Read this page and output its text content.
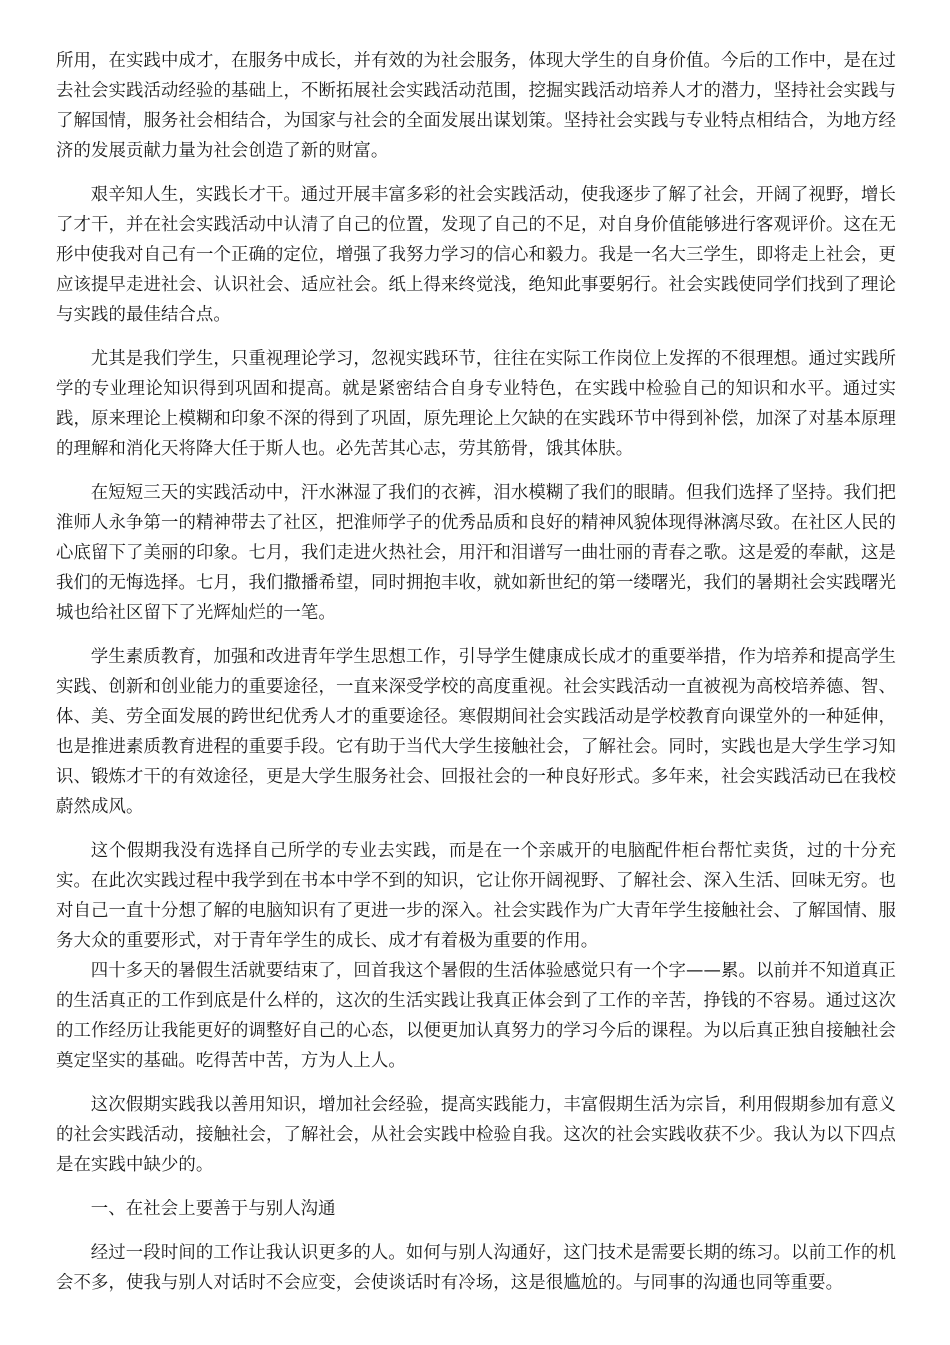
所用，在实践中成才，在服务中成长，并有效的为社会服务，体现大学生的自身价值。今后的工作中，是在过去社会实践活动经验的基础上，不断拓展社会实践活动范围，挖掘实践活动培养人才的潜力，坚持社会实践与了解国情，服务社会相结合，为国家与社会的全面发展出谋划策。坚持社会实践与专业特点相结合，为地方经济的发展贡献力量为社会创造了新的财富。

艰辛知人生，实践长才干。通过开展丰富多彩的社会实践活动，使我逐步了解了社会，开阔了视野，增长了才干，并在社会实践活动中认清了自己的位置，发现了自己的不足，对自身价值能够进行客观评价。这在无形中使我对自己有一个正确的定位，增强了我努力学习的信心和毅力。我是一名大三学生，即将走上社会，更应该提早走进社会、认识社会、适应社会。纸上得来终觉浅，绝知此事要躬行。社会实践使同学们找到了理论与实践的最佳结合点。

尤其是我们学生，只重视理论学习，忽视实践环节，往往在实际工作岗位上发挥的不很理想。通过实践所学的专业理论知识得到巩固和提高。就是紧密结合自身专业特色，在实践中检验自己的知识和水平。通过实践，原来理论上模糊和印象不深的得到了巩固，原先理论上欠缺的在实践环节中得到补偿，加深了对基本原理的理解和消化天将降大任于斯人也。必先苦其心志，劳其筋骨，饿其体肤。

在短短三天的实践活动中，汗水淋湿了我们的衣裤，泪水模糊了我们的眼睛。但我们选择了坚持。我们把淮师人永争第一的精神带去了社区，把淮师学子的优秀品质和良好的精神风貌体现得淋漓尽致。在社区人民的心底留下了美丽的印象。七月，我们走进火热社会，用汗和泪谱写一曲壮丽的青春之歌。这是爱的奉献，这是我们的无悔选择。七月，我们撒播希望，同时拥抱丰收，就如新世纪的第一缕曙光，我们的暑期社会实践曙光城也给社区留下了光辉灿烂的一笔。

学生素质教育，加强和改进青年学生思想工作，引导学生健康成长成才的重要举措，作为培养和提高学生实践、创新和创业能力的重要途径，一直来深受学校的高度重视。社会实践活动一直被视为高校培养德、智、体、美、劳全面发展的跨世纪优秀人才的重要途径。寒假期间社会实践活动是学校教育向课堂外的一种延伸，也是推进素质教育进程的重要手段。它有助于当代大学生接触社会，了解社会。同时，实践也是大学生学习知识、锻炼才干的有效途径，更是大学生服务社会、回报社会的一种良好形式。多年来，社会实践活动已在我校蔚然成风。

这个假期我没有选择自己所学的专业去实践，而是在一个亲戚开的电脑配件柜台帮忙卖货，过的十分充实。在此次实践过程中我学到在书本中学不到的知识，它让你开阔视野、了解社会、深入生活、回味无穷。也对自己一直十分想了解的电脑知识有了更进一步的深入。社会实践作为广大青年学生接触社会、了解国情、服务大众的重要形式，对于青年学生的成长、成才有着极为重要的作用。

四十多天的暑假生活就要结束了，回首我这个暑假的生活体验感觉只有一个字——累。以前并不知道真正的生活真正的工作到底是什么样的，这次的生活实践让我真正体会到了工作的辛苦，挣钱的不容易。通过这次的工作经历让我能更好的调整好自己的心态，以便更加认真努力的学习今后的课程。为以后真正独自接触社会奠定坚实的基础。吃得苦中苦，方为人上人。

这次假期实践我以善用知识，增加社会经验，提高实践能力，丰富假期生活为宗旨，利用假期参加有意义的社会实践活动，接触社会，了解社会，从社会实践中检验自我。这次的社会实践收获不少。我认为以下四点是在实践中缺少的。

一、在社会上要善于与别人沟通

经过一段时间的工作让我认识更多的人。如何与别人沟通好，这门技术是需要长期的练习。以前工作的机会不多，使我与别人对话时不会应变，会使谈话时有冷场，这是很尴尬的。与同事的沟通也同等重要。
